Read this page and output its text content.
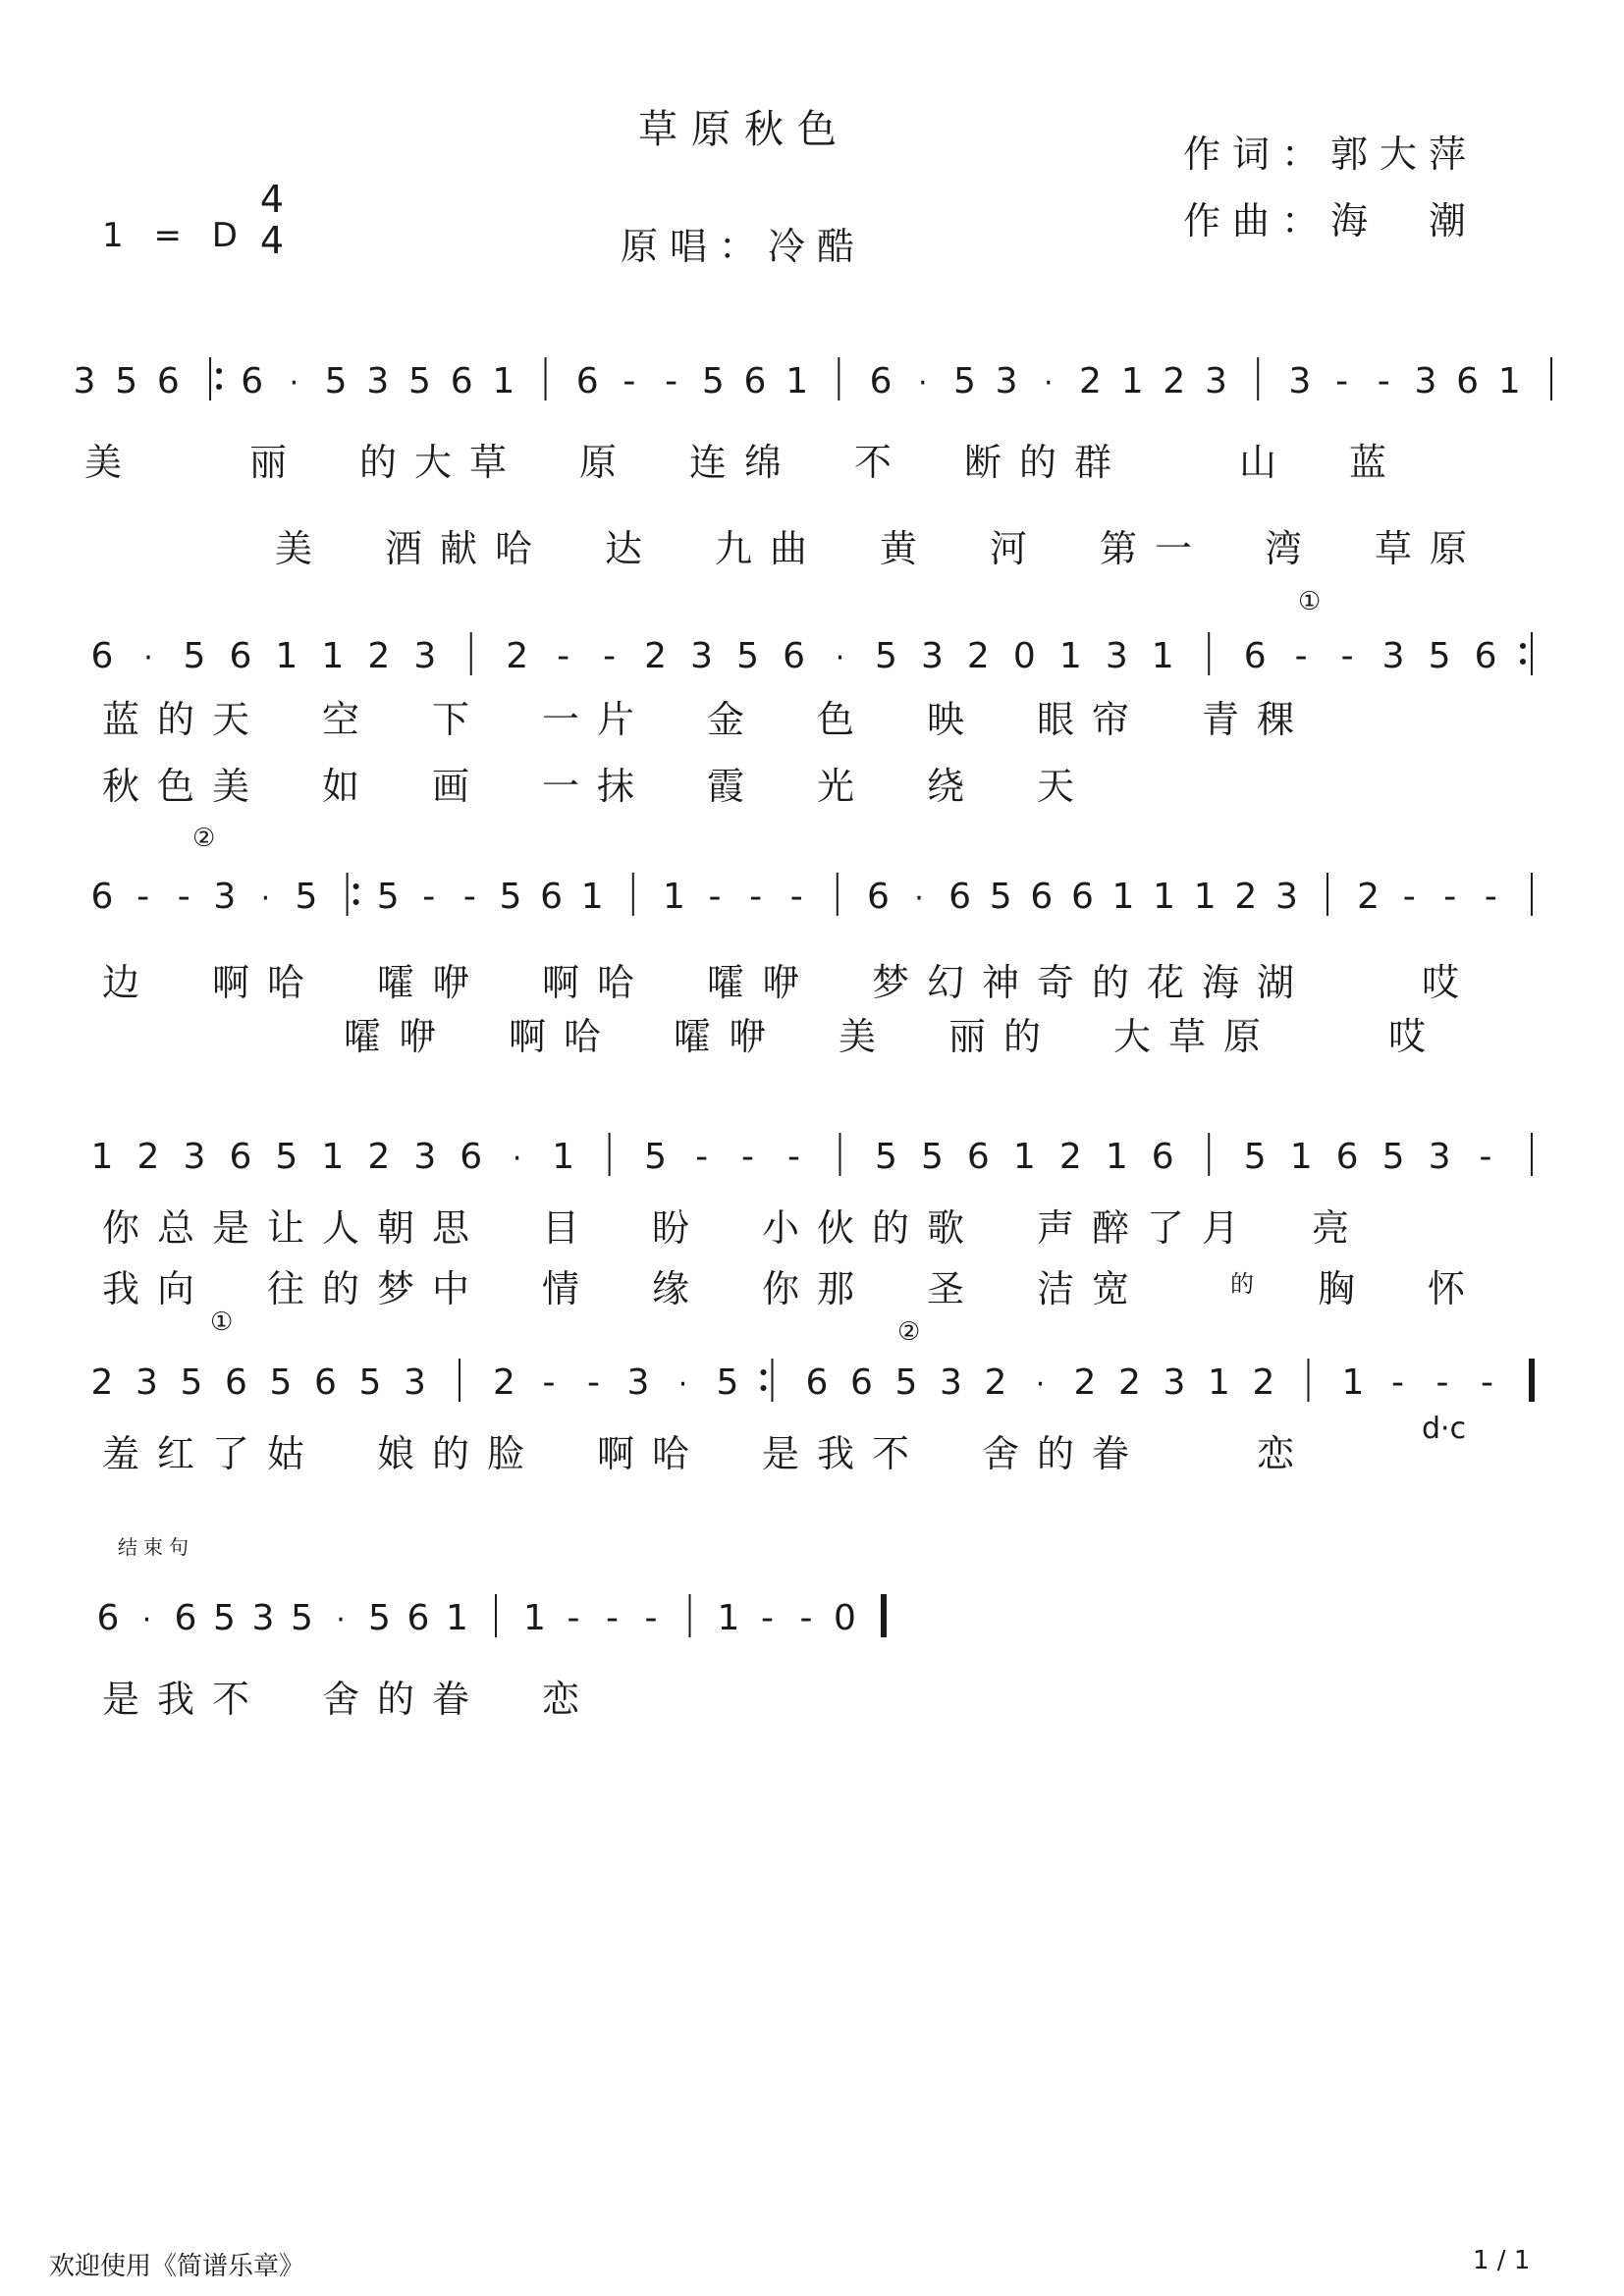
草原秋色
作词：郭大萍
作曲：海　潮
原唱：冷酷
1 = D
4
4
3 5 6 6 · 5 3 5 6 1 6 - - 5 6 1 6 · 5 3 · 2 1 2 3 3 - - 3 6 1
美　　丽　的大草　原　连绵　不　断的群　　山　蓝
美　酒献哈　达　九曲　黄　河　第一　湾　草原
6 · 5 6 1 1 2 3 2 - - 2 3 5 6 · 5 3 2 0 1 3 1 6 - - 3 5 6
①
蓝的天　空　下　一片　金　色　映　眼帘　青稞
秋色美　如　画　一抹　霞　光　绕　天
6 - - 3 · 5 5 - - 5 6 1 1 - - - 6 · 6 5 6 6 1 1 1 2 3 2 - - -
②
边　啊哈　嚯咿　啊哈　嚯咿　梦幻神奇的花海湖　　哎
嚯咿　啊哈　嚯咿　美　丽的　大草原　　哎
1 2 3 6 5 1 2 3 6 · 1 5 - - - 5 5 6 1 2 1 6 5 1 6 5 3 -
你总是让人朝思　目　盼　小伙的歌　声醉了月　亮
我向　往的梦中　情　缘　你那　圣　洁宽	的 胸　怀
2 3 5 6 5 6 5 3 2 - - 3 · 5 6 6 5 3 2 · 2 2 3 1 2 1 - - -
①	②
羞红了姑　娘的脸　啊哈　是我不　舍的眷　　恋
d·c
结束句
6 · 6 5 3 5 · 5 6 1 1 - - - 1 - - 0
是我不　舍的眷　恋
欢迎使用《简谱乐章》	1 / 1
